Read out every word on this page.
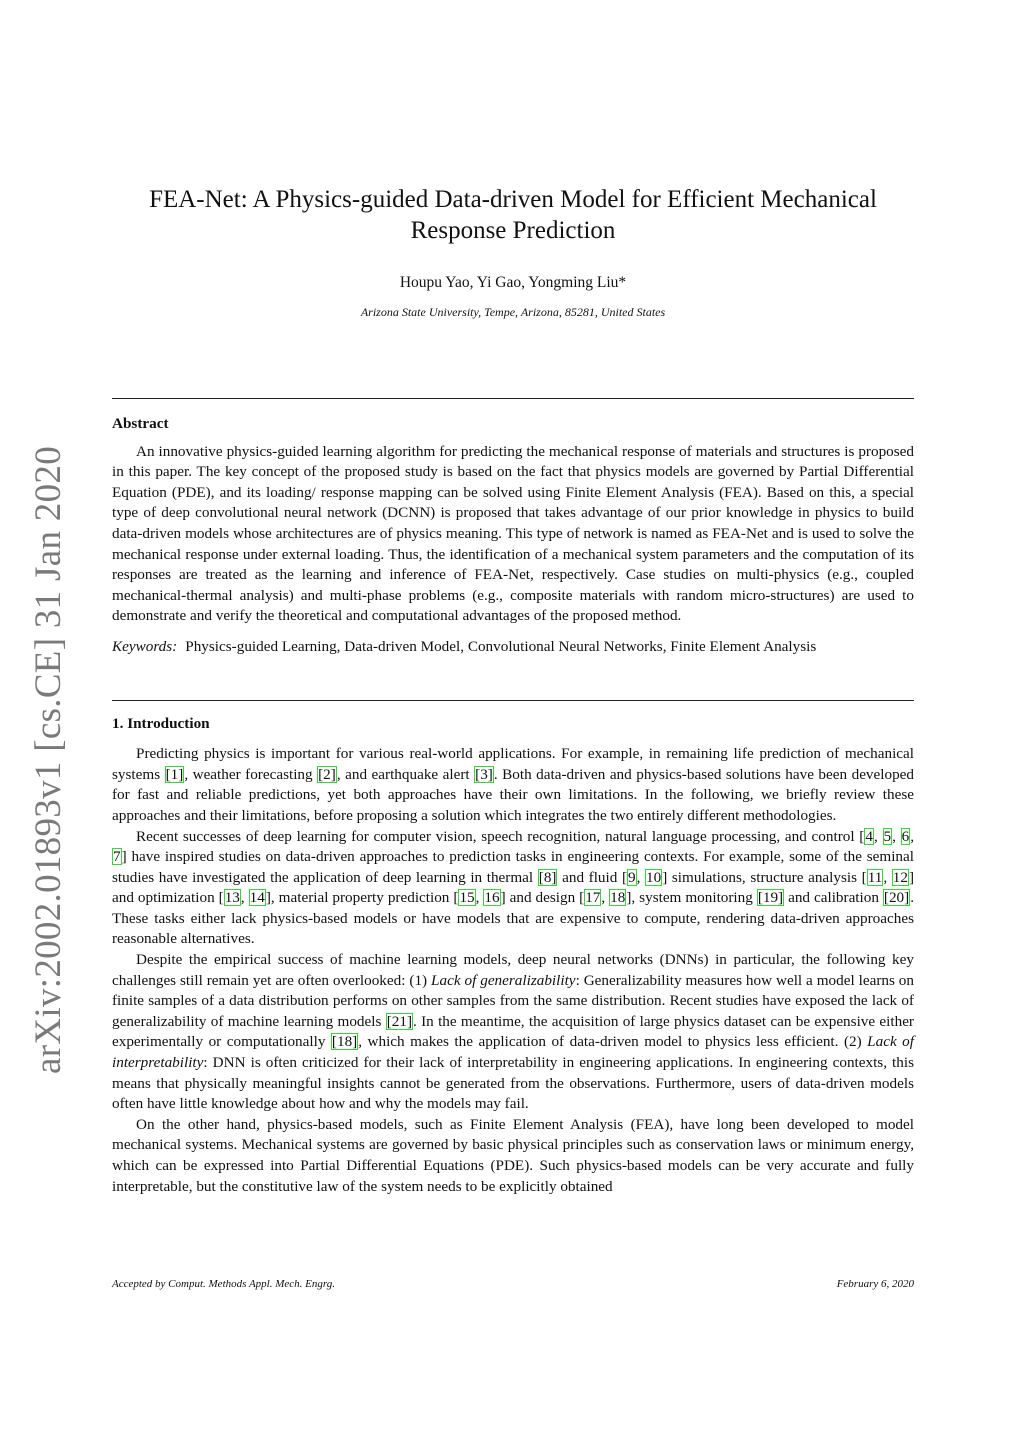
arXiv:2002.01893v1 [cs.CE] 31 Jan 2020
FEA-Net: A Physics-guided Data-driven Model for Efficient Mechanical
Response Prediction
Houpu Yao, Yi Gao, Yongming Liu*
Arizona State University, Tempe, Arizona, 85281, United States
Abstract

An innovative physics-guided learning algorithm for predicting the mechanical response of materials and structures is proposed in this paper. The key concept of the proposed study is based on the fact that physics models are governed by Partial Differential Equation (PDE), and its loading/ response mapping can be solved using Finite Element Analysis (FEA). Based on this, a special type of deep convolutional neural network (DCNN) is proposed that takes advantage of our prior knowledge in physics to build data-driven models whose architectures are of physics meaning. This type of network is named as FEA-Net and is used to solve the mechanical response under external loading. Thus, the identification of a mechanical system parameters and the computation of its responses are treated as the learning and inference of FEA-Net, respectively. Case studies on multi-physics (e.g., coupled mechanical-thermal analysis) and multi-phase problems (e.g., composite materials with random micro-structures) are used to demonstrate and verify the theoretical and computational advantages of the proposed method.

Keywords: Physics-guided Learning, Data-driven Model, Convolutional Neural Networks, Finite Element Analysis

1. Introduction

Predicting physics is important for various real-world applications. For example, in remaining life prediction of mechanical systems [1], weather forecasting [2], and earthquake alert [3]. Both data-driven and physics-based solutions have been developed for fast and reliable predictions, yet both approaches have their own limitations. In the following, we briefly review these approaches and their limitations, before proposing a solution which integrates the two entirely different methodologies.

Recent successes of deep learning for computer vision, speech recognition, natural language processing, and control [4, 5, 6, 7] have inspired studies on data-driven approaches to prediction tasks in engineering contexts. For example, some of the seminal studies have investigated the application of deep learning in thermal [8] and fluid [9, 10] simulations, structure analysis [11, 12] and optimization [13, 14], material property prediction [15, 16] and design [17, 18], system monitoring [19] and calibration [20]. These tasks either lack physics-based models or have models that are expensive to compute, rendering data-driven approaches reasonable alternatives.

Despite the empirical success of machine learning models, deep neural networks (DNNs) in particular, the following key challenges still remain yet are often overlooked: (1) Lack of generalizability: Generalizability measures how well a model learns on finite samples of a data distribution performs on other samples from the same distribution. Recent studies have exposed the lack of generalizability of machine learning models [21]. In the meantime, the acquisition of large physics dataset can be expensive either experimentally or computationally [18], which makes the application of data-driven model to physics less efficient. (2) Lack of interpretability: DNN is often criticized for their lack of interpretability in engineering applications. In engineering contexts, this means that physically meaningful insights cannot be generated from the observations. Furthermore, users of data-driven models often have little knowledge about how and why the models may fail.

On the other hand, physics-based models, such as Finite Element Analysis (FEA), have long been developed to model mechanical systems. Mechanical systems are governed by basic physical principles such as conservation laws or minimum energy, which can be expressed into Partial Differential Equations (PDE). Such physics-based models can be very accurate and fully interpretable, but the constitutive law of the system needs to be explicitly obtained

Accepted by Comput. Methods Appl. Mech. Engrg.	February 6, 2020
